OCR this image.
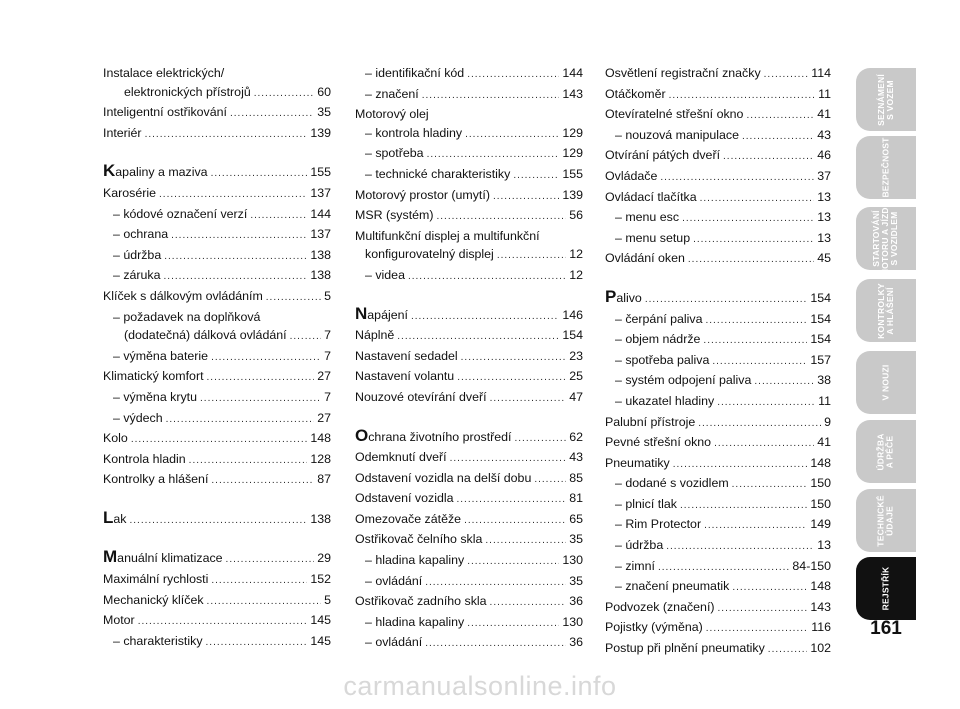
Instalace elektrických/
elektronických přístrojů .....	60
Inteligentní ostřikování .....	35
Interiér .....	139
Kapaliny a maziva .....	155
Karosérie .....	137
– kódové označení verzí .....	144
– ochrana .....	137
– údržba .....	138
– záruka .....	138
Klíček s dálkovým ovládáním .....	5
– požadavek na doplňková
(dodatečná) dálková ovládání .....	7
– výměna baterie .....	7
Klimatický komfort .....	27
– výměna krytu .....	7
– výdech .....	27
Kolo .....	148
Kontrola hladin .....	128
Kontrolky a hlášení .....	87
Lak .....	138
Manuální klimatizace .....	29
Maximální rychlosti .....	152
Mechanický klíček .....	5
Motor .....	145
– charakteristiky .....	145
– identifikační kód .....	144
– značení .....	143
Motorový olej
– kontrola hladiny .....	129
– spotřeba .....	129
– technické charakteristiky .....	155
Motorový prostor (umytí) .....	139
MSR (systém) .....	56
Multifunkční displej a multifunkční
konfigurovatelný displej .....	12
– videa .....	12
Napájení .....	146
Náplně .....	154
Nastavení sedadel .....	23
Nastavení volantu .....	25
Nouzové otevírání dveří .....	47
Ochrana životního prostředí .....	62
Odemknutí dveří .....	43
Odstavení vozidla na delší dobu .....	85
Odstavení vozidla .....	81
Omezovače zátěže .....	65
Ostřikovač čelního skla .....	35
– hladina kapaliny .....	130
– ovládání .....	35
Ostřikovač zadního skla .....	36
– hladina kapaliny .....	130
– ovládání .....	36
Osvětlení registrační značky .....	114
Otáčkoměr .....	11
Otevíratelné střešní okno .....	41
– nouzová manipulace .....	43
Otvírání pátých dveří .....	46
Ovládače .....	37
Ovládací tlačítka .....	13
– menu esc .....	13
– menu setup .....	13
Ovládání oken .....	45
Palivo .....	154
– čerpání paliva .....	154
– objem nádrže .....	154
– spotřeba paliva .....	157
– systém odpojení paliva .....	38
– ukazatel hladiny .....	11
Palubní přístroje .....	9
Pevné střešní okno .....	41
Pneumatiky .....	148
– dodané s vozidlem .....	150
– plnicí tlak .....	150
– Rim Protector .....	149
– údržba .....	13
– zimní .....	84-150
– značení pneumatik .....	148
Podvozek (značení) .....	143
Pojistky (výměna) .....	116
Postup při plnění pneumatiky .....	102
SEZNÁMENÍ
S VOZEM
BEZPEČNOST
STARTOVÁNÍ
MOTORU A JÍZDA
S VOZIDLEM
KONTROLKY
A HLÁŠENÍ
V NOUZI
ÚDRŽBA
A PÉČE
TECHNICKÉ
ÚDAJE
REJSTŘÍK
161
carmanualsonline.info
